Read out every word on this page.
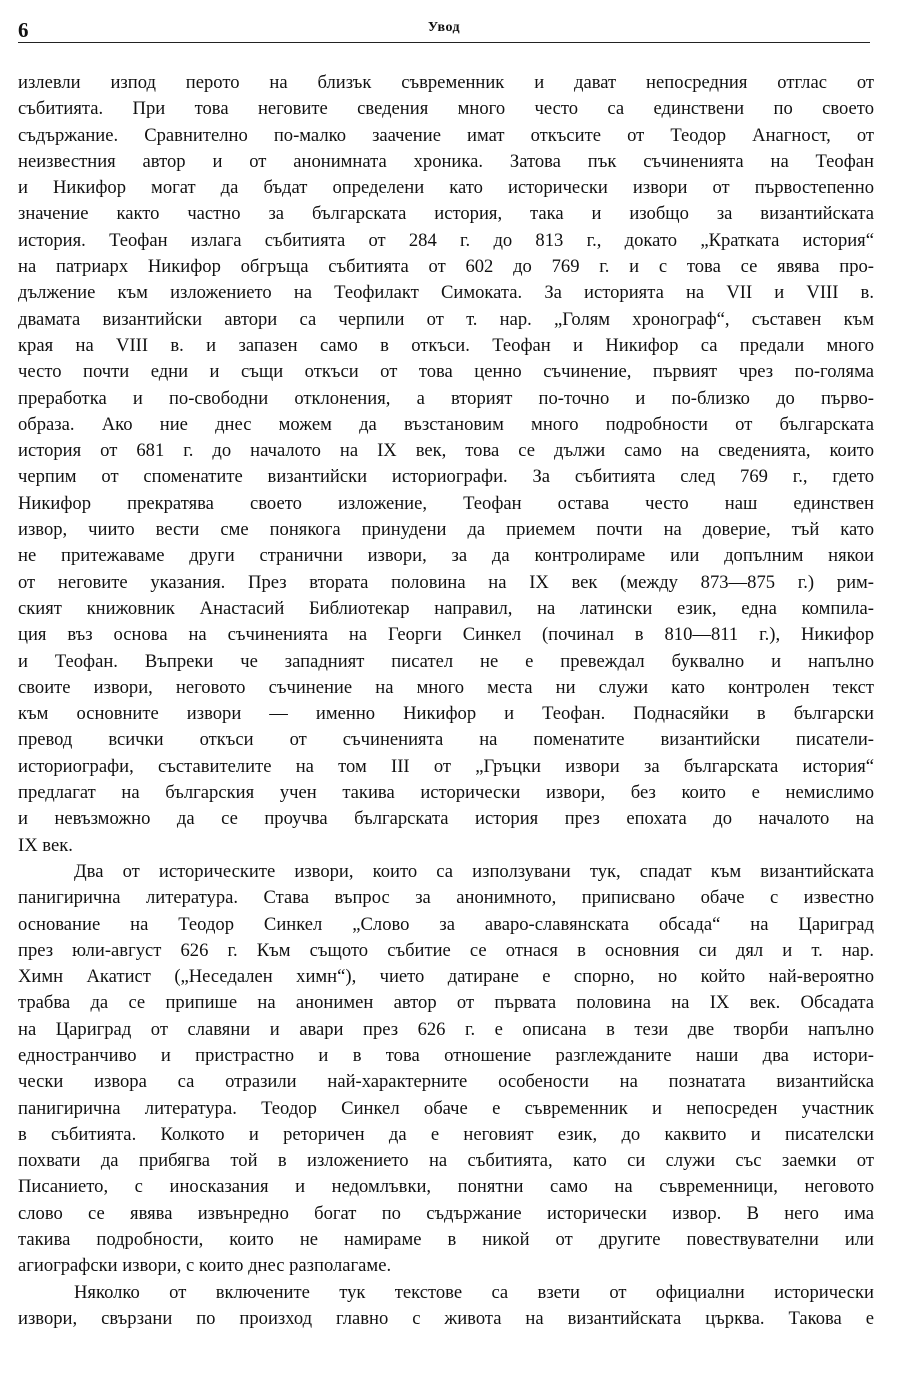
6	Увод
излевли изпод перото на близък съвременник и дават непосредния отглас от
събитията. При това неговите сведения много често са единствени по своето
съдържание. Сравнително по-малко заачение имат откъсите от Теодор Анагност, от
неизвестния автор и от анонимната хроника. Затова пък съчиненията на Теофан
и Никифор могат да бъдат определени като исторически извори от първостепенно
значение както частно за българската история, така и изобщо за византийската
история. Теофан излага събитията от 284 г. до 813 г., докато „Кратката история“
на патриарх Никифор обгръща събитията от 602 до 769 г. и с това се явява про-
дължение към изложението на Теофилакт Симоката. За историята на VII и VIII в.
двамата византийски автори са черпили от т. нар. „Голям хронограф“, съставен към
края на VIII в. и запазен само в откъси. Теофан и Никифор са предали много
често почти едни и същи откъси от това ценно съчинение, първият чрез по-голяма
преработка и по-свободни отклонения, а вторият по-точно и по-близко до първо-
образа. Ако ние днес можем да възстановим много подробности от българската
история от 681 г. до началото на IX век, това се дължи само на сведенията, които
черпим от споменатите византийски историографи. За събитията след 769 г., гдето
Никифор прекратява своето изложение, Теофан остава често наш единствен
извор, чиито вести сме понякога принудени да приемем почти на доверие, тъй като
не притежаваме други странични извори, за да контролираме или допълним някои
от неговите указания. През втората половина на IX век (между 873—875 г.) рим-
ският книжовник Анастасий Библиотекар направил, на латински език, една компила-
ция въз основа на съчиненията на Георги Синкел (починал в 810—811 г.), Никифор
и Теофан. Въпреки че западният писател не е превеждал буквално и напълно
своите извори, неговото съчинение на много места ни служи като контролен текст
към основните извори — именно Никифор и Теофан. Поднасяйки в български
превод всички откъси от съчиненията на поменатите византийски писатели-
историографи, съставителите на том III от „Гръцки извори за българската история“
предлагат на българския учен такива исторически извори, без които е немислимо
и невъзможно да се проучва българската история през епохата до началото на
IX век.
Два от историческите извори, които са използувани тук, спадат към византийската
панигирична литература. Става въпрос за анонимното, приписвано обаче с известно
основание на Теодор Синкел „Слово за аваро-славянската обсада“ на Цариград
през юли-август 626 г. Към същото събитие се отнася в основния си дял и т. нар.
Химн Акатист („Неседален химн“), чието датиране е спорно, но който най-вероятно
трабва да се припише на анонимен автор от първата половина на IX век. Обсадата
на Цариград от славяни и авари през 626 г. е описана в тези две творби напълно
едностранчиво и пристрастно и в това отношение разглежданите наши два истори-
чески извора са отразили най-характерните особености на познатата византийска
панигирична литература. Теодор Синкел обаче е съвременник и непосреден участник
в събитията. Колкото и реторичен да е неговият език, до каквито и писателски
похвати да прибягва той в изложението на събитията, като си служи със заемки от
Писанието, с иносказания и недомлъвки, понятни само на съвременници, неговото
слово се явява извънредно богат по съдържание исторически извор. В него има
такива подробности, които не намираме в никой от другите повествувателни или
агиографски извори, с които днес разполагаме.
Няколко от включените тук текстове са взети от официални исторически
извори, свързани по произход главно с живота на византийската църква. Такова е
